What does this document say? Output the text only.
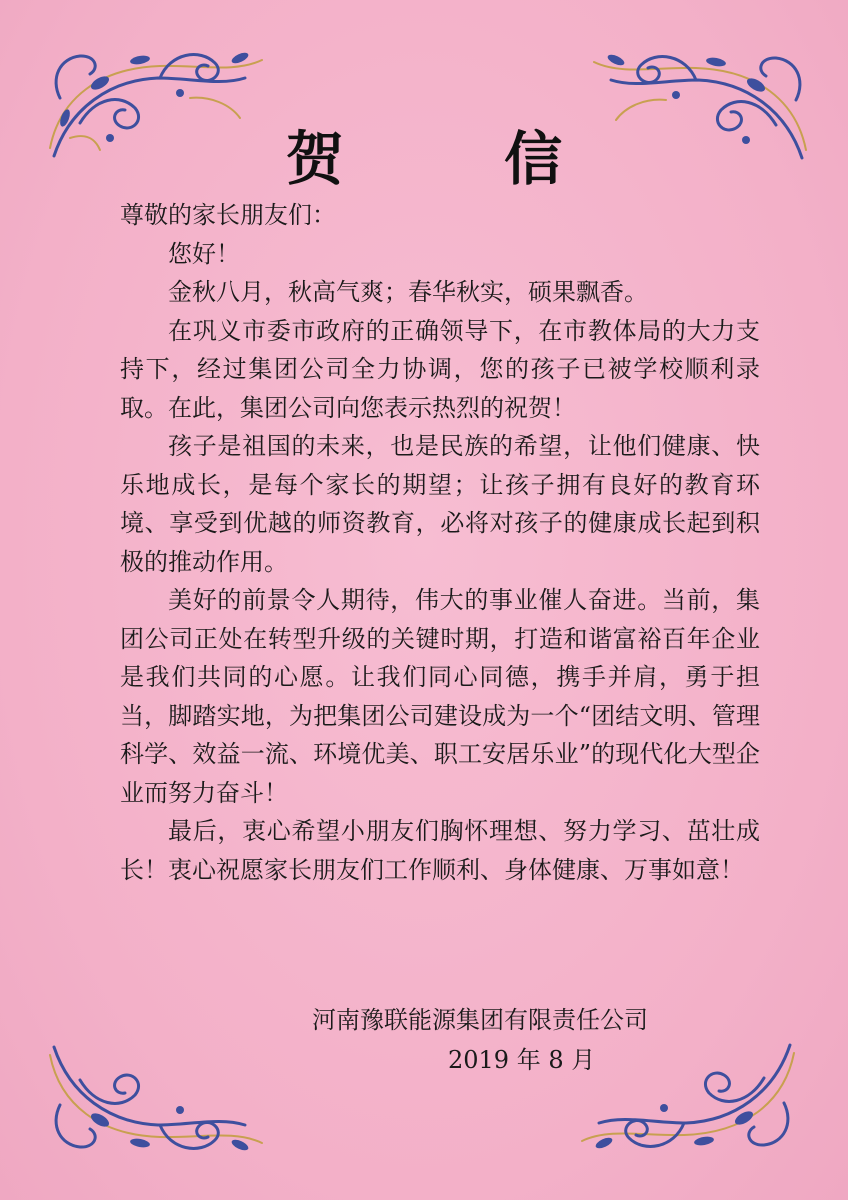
贺 信

尊敬的家长朋友们：

您好！

金秋八月，秋高气爽；春华秋实，硕果飘香。

在巩义市委市政府的正确领导下，在市教体局的大力支持下，经过集团公司全力协调，您的孩子已被学校顺利录取。在此，集团公司向您表示热烈的祝贺！

孩子是祖国的未来，也是民族的希望，让他们健康、快乐地成长，是每个家长的期望；让孩子拥有良好的教育环境、享受到优越的师资教育，必将对孩子的健康成长起到积极的推动作用。

美好的前景令人期待，伟大的事业催人奋进。当前，集团公司正处在转型升级的关键时期，打造和谐富裕百年企业是我们共同的心愿。让我们同心同德，携手并肩，勇于担当，脚踏实地，为把集团公司建设成为一个“团结文明、管理科学、效益一流、环境优美、职工安居乐业”的现代化大型企业而努力奋斗！

最后，衷心希望小朋友们胸怀理想、努力学习、茁壮成长！衷心祝愿家长朋友们工作顺利、身体健康、万事如意！

河南豫联能源集团有限责任公司
2019 年 8 月
